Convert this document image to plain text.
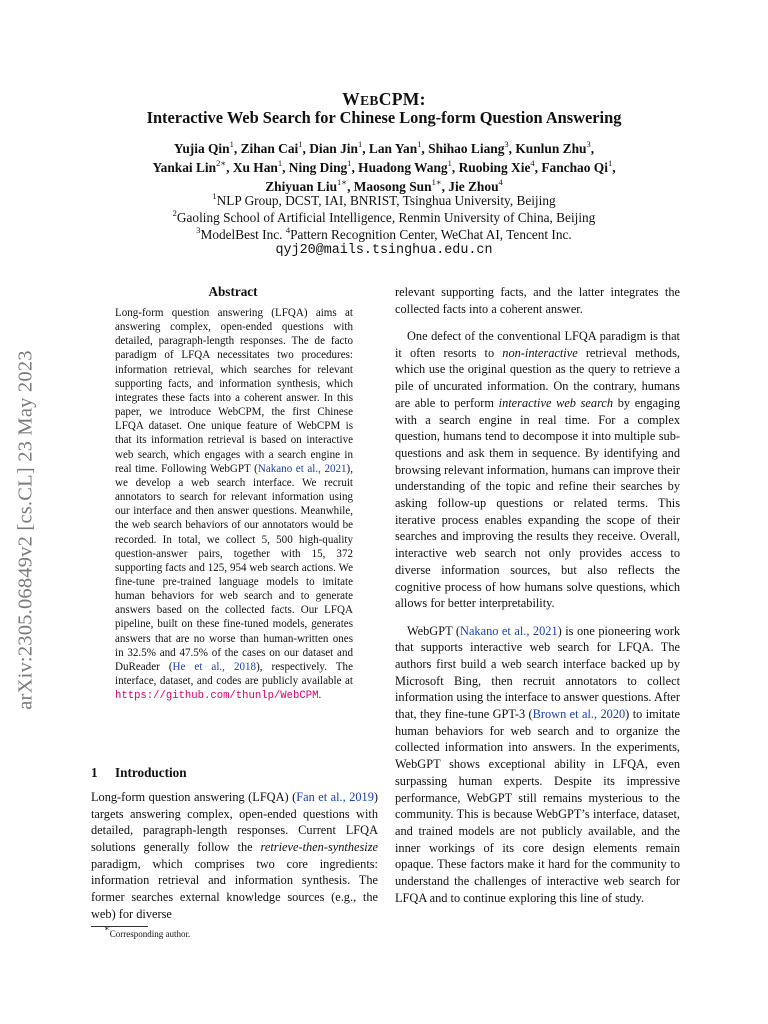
arXiv:2305.06849v2 [cs.CL] 23 May 2023
WEBCPM:
Interactive Web Search for Chinese Long-form Question Answering
Yujia Qin$^1$, Zihan Cai$^1$, Dian Jin$^1$, Lan Yan$^1$, Shihao Liang$^3$, Kunlun Zhu$^3$,
Yankai Lin$^{2∗}$, Xu Han$^1$, Ning Ding$^1$, Huadong Wang$^1$, Ruobing Xie$^4$, Fanchao Qi$^1$,
Zhiyuan Liu$^{1∗}$, Maosong Sun$^{1∗}$, Jie Zhou$^4$
$^1$NLP Group, DCST, IAI, BNRIST, Tsinghua University, Beijing
$^2$Gaoling School of Artificial Intelligence, Renmin University of China, Beijing
$^3$ModelBest Inc. $^4$Pattern Recognition Center, WeChat AI, Tencent Inc.
qyj20@mails.tsinghua.edu.cn
Abstract

Long-form question answering (LFQA) aims at answering complex, open-ended questions with detailed, paragraph-length responses. The de facto paradigm of LFQA necessitates two procedures: information retrieval, which searches for relevant supporting facts, and information synthesis, which integrates these facts into a coherent answer. In this paper, we introduce WebCPM, the first Chinese LFQA dataset. One unique feature of WebCPM is that its information retrieval is based on interactive web search, which engages with a search engine in real time. Following WebGPT (Nakano et al., 2021), we develop a web search interface. We recruit annotators to search for relevant information using our interface and then answer questions. Meanwhile, the web search behaviors of our annotators would be recorded. In total, we collect 5, 500 high-quality question-answer pairs, together with 15, 372 supporting facts and 125, 954 web search actions. We fine-tune pre-trained language models to imitate human behaviors for web search and to generate answers based on the collected facts. Our LFQA pipeline, built on these fine-tuned models, generates answers that are no worse than human-written ones in 32.5% and 47.5% of the cases on our dataset and DuReader (He et al., 2018), respectively. The interface, dataset, and codes are publicly available at https://github.com/thunlp/WebCPM.

1 Introduction

Long-form question answering (LFQA) (Fan et al., 2019) targets answering complex, open-ended questions with detailed, paragraph-length responses. Current LFQA solutions generally follow the retrieve-then-synthesize paradigm, which comprises two core ingredients: information retrieval and information synthesis. The former searches external knowledge sources (e.g., the web) for diverse

∗Corresponding author.

relevant supporting facts, and the latter integrates the collected facts into a coherent answer.

One defect of the conventional LFQA paradigm is that it often resorts to non-interactive retrieval methods, which use the original question as the query to retrieve a pile of uncurated information. On the contrary, humans are able to perform interactive web search by engaging with a search engine in real time. For a complex question, humans tend to decompose it into multiple sub-questions and ask them in sequence. By identifying and browsing relevant information, humans can improve their understanding of the topic and refine their searches by asking follow-up questions or related terms. This iterative process enables expanding the scope of their searches and improving the results they receive. Overall, interactive web search not only provides access to diverse information sources, but also reflects the cognitive process of how humans solve questions, which allows for better interpretability.

WebGPT (Nakano et al., 2021) is one pioneering work that supports interactive web search for LFQA. The authors first build a web search interface backed up by Microsoft Bing, then recruit annotators to collect information using the interface to answer questions. After that, they fine-tune GPT-3 (Brown et al., 2020) to imitate human behaviors for web search and to organize the collected information into answers. In the experiments, WebGPT shows exceptional ability in LFQA, even surpassing human experts. Despite its impressive performance, WebGPT still remains mysterious to the community. This is because WebGPT’s interface, dataset, and trained models are not publicly available, and the inner workings of its core design elements remain opaque. These factors make it hard for the community to understand the challenges of interactive web search for LFQA and to continue exploring this line of study.
